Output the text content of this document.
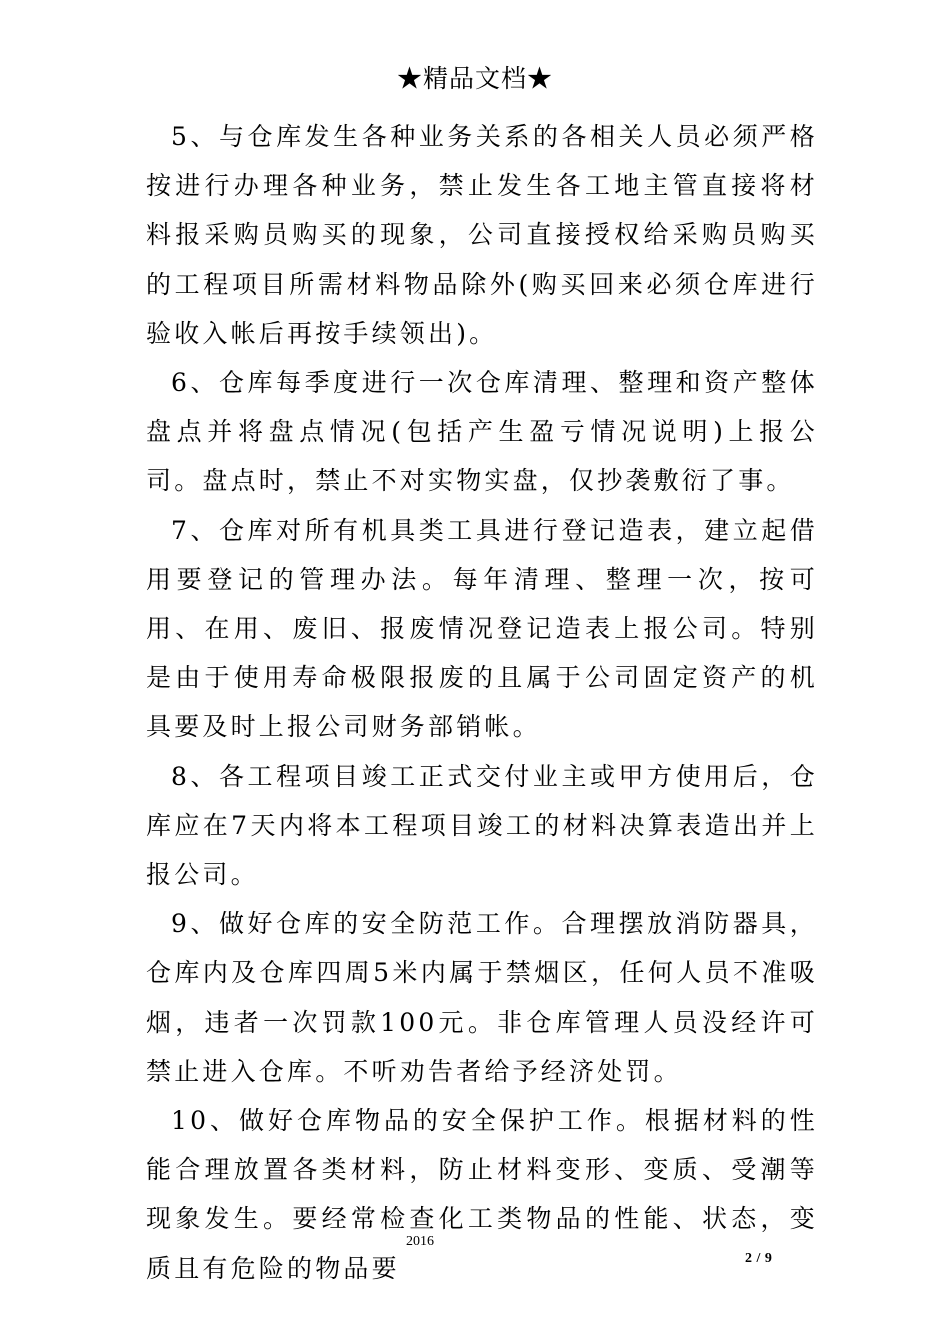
★精品文档★

5、与仓库发生各种业务关系的各相关人员必须严格按进行办理各种业务，禁止发生各工地主管直接将材料报采购员购买的现象，公司直接授权给采购员购买的工程项目所需材料物品除外(购买回来必须仓库进行验收入帐后再按手续领出)。

6、仓库每季度进行一次仓库清理、整理和资产整体盘点并将盘点情况(包括产生盈亏情况说明)上报公司。盘点时，禁止不对实物实盘，仅抄袭敷衍了事。

7、仓库对所有机具类工具进行登记造表，建立起借用要登记的管理办法。每年清理、整理一次，按可用、在用、废旧、报废情况登记造表上报公司。特别是由于使用寿命极限报废的且属于公司固定资产的机具要及时上报公司财务部销帐。

8、各工程项目竣工正式交付业主或甲方使用后，仓库应在7天内将本工程项目竣工的材料决算表造出并上报公司。

9、做好仓库的安全防范工作。合理摆放消防器具，仓库内及仓库四周5米内属于禁烟区，任何人员不准吸烟，违者一次罚款100元。非仓库管理人员没经许可禁止进入仓库。不听劝告者给予经济处罚。

10、做好仓库物品的安全保护工作。根据材料的性能合理放置各类材料，防止材料变形、变质、受潮等现象发生。要经常检查化工类物品的性能、状态，变质且有危险的物品要

2016
2 / 9
